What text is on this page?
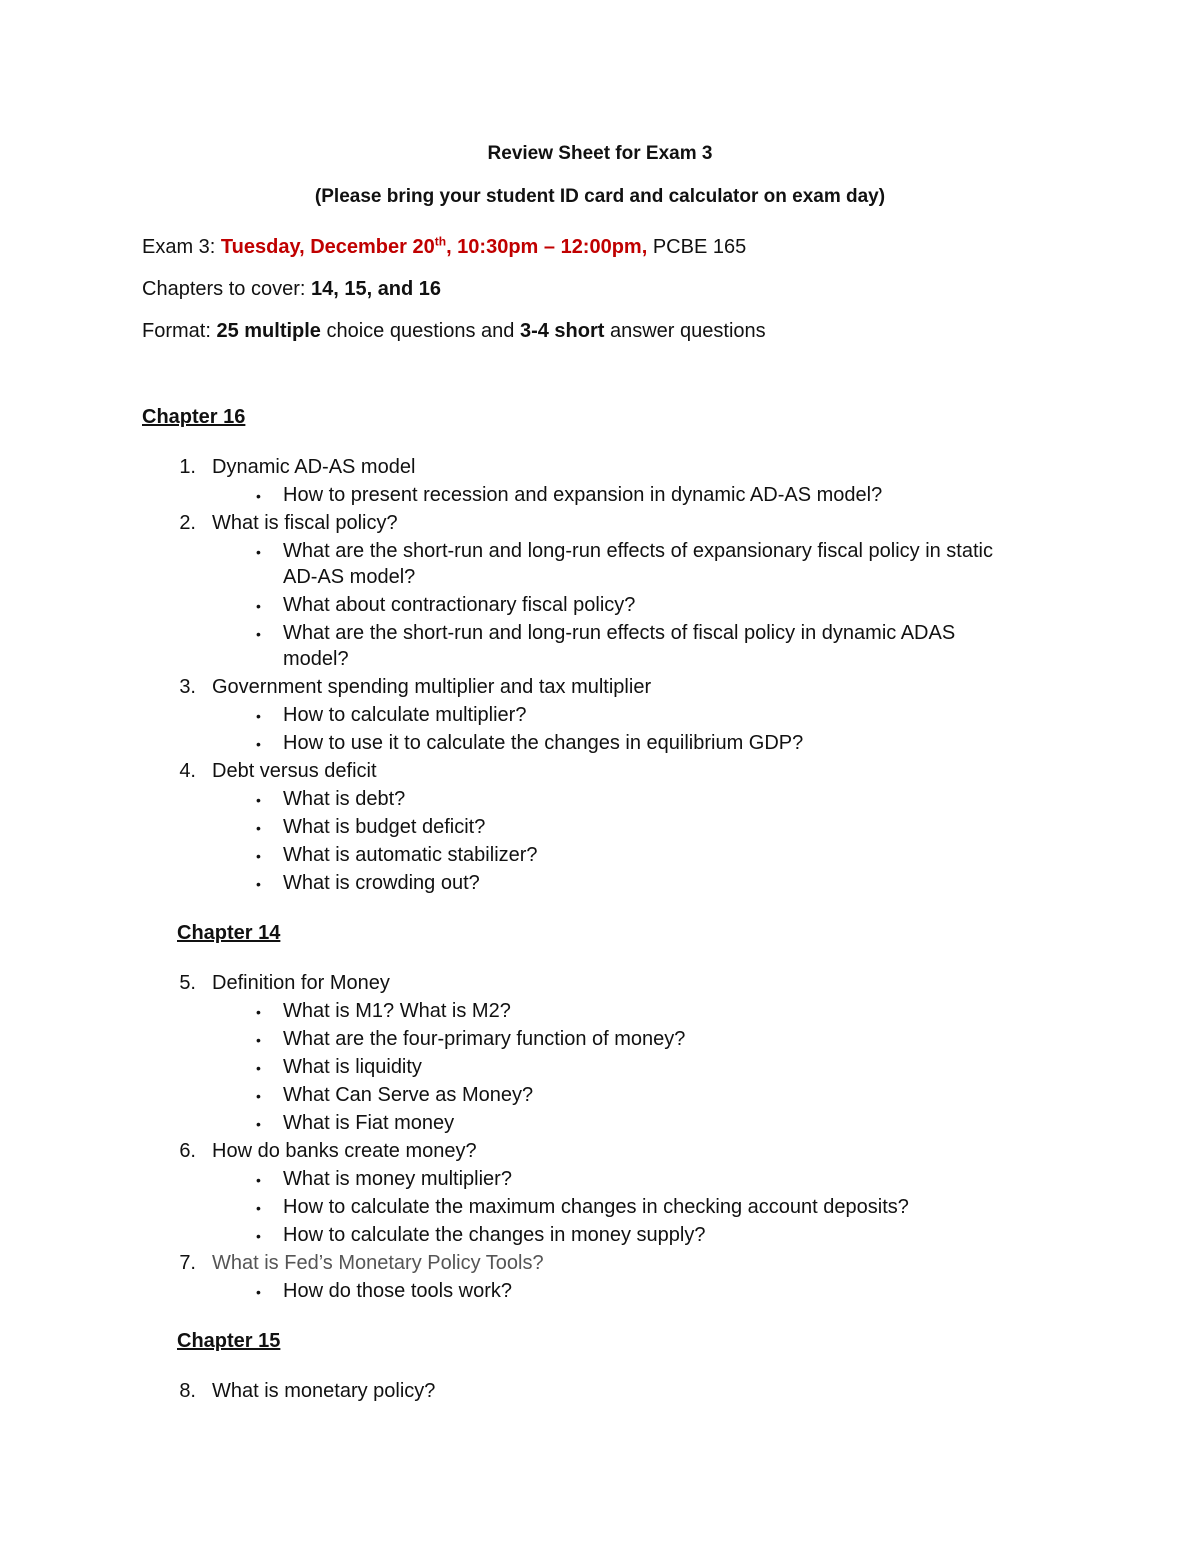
Review Sheet for Exam 3
(Please bring your student ID card and calculator on exam day)
Exam 3: Tuesday, December 20th, 10:30pm – 12:00pm, PCBE 165
Chapters to cover: 14, 15, and 16
Format: 25 multiple choice questions and 3-4 short answer questions
Chapter 16
1. Dynamic AD-AS model
• How to present recession and expansion in dynamic AD-AS model?
2. What is fiscal policy?
• What are the short-run and long-run effects of expansionary fiscal policy in static
AD-AS model?
• What about contractionary fiscal policy?
• What are the short-run and long-run effects of fiscal policy in dynamic ADAS
model?
3. Government spending multiplier and tax multiplier
• How to calculate multiplier?
• How to use it to calculate the changes in equilibrium GDP?
4. Debt versus deficit
• What is debt?
• What is budget deficit?
• What is automatic stabilizer?
• What is crowding out?
Chapter 14
5. Definition for Money
• What is M1? What is M2?
• What are the four-primary function of money?
• What is liquidity
• What Can Serve as Money?
• What is Fiat money
6. How do banks create money?
• What is money multiplier?
• How to calculate the maximum changes in checking account deposits?
• How to calculate the changes in money supply?
7. What is Fed’s Monetary Policy Tools?
• How do those tools work?
Chapter 15
8. What is monetary policy?
